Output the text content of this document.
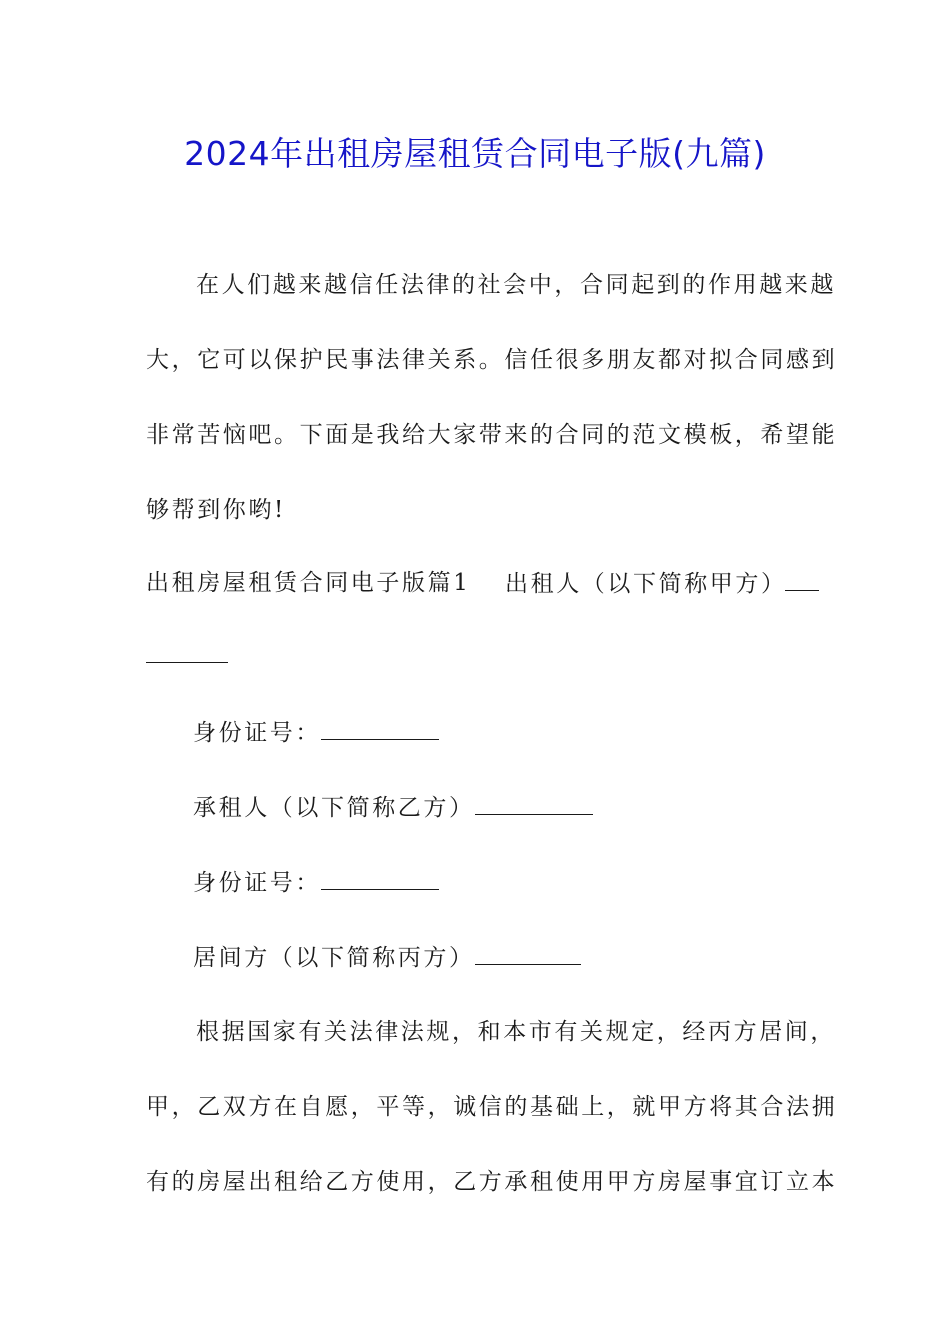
2024年出租房屋租赁合同电子版(九篇)
在人们越来越信任法律的社会中，合同起到的作用越来越
大，它可以保护民事法律关系。信任很多朋友都对拟合同感到
非常苦恼吧。下面是我给大家带来的合同的范文模板，希望能
够帮到你哟!
出租房屋租赁合同电子版篇1 出租人（以下简称甲方）
身份证号：
承租人（以下简称乙方）
身份证号：
居间方（以下简称丙方）
根据国家有关法律法规，和本市有关规定，经丙方居间，
甲，乙双方在自愿，平等，诚信的基础上，就甲方将其合法拥
有的房屋出租给乙方使用，乙方承租使用甲方房屋事宜订立本
